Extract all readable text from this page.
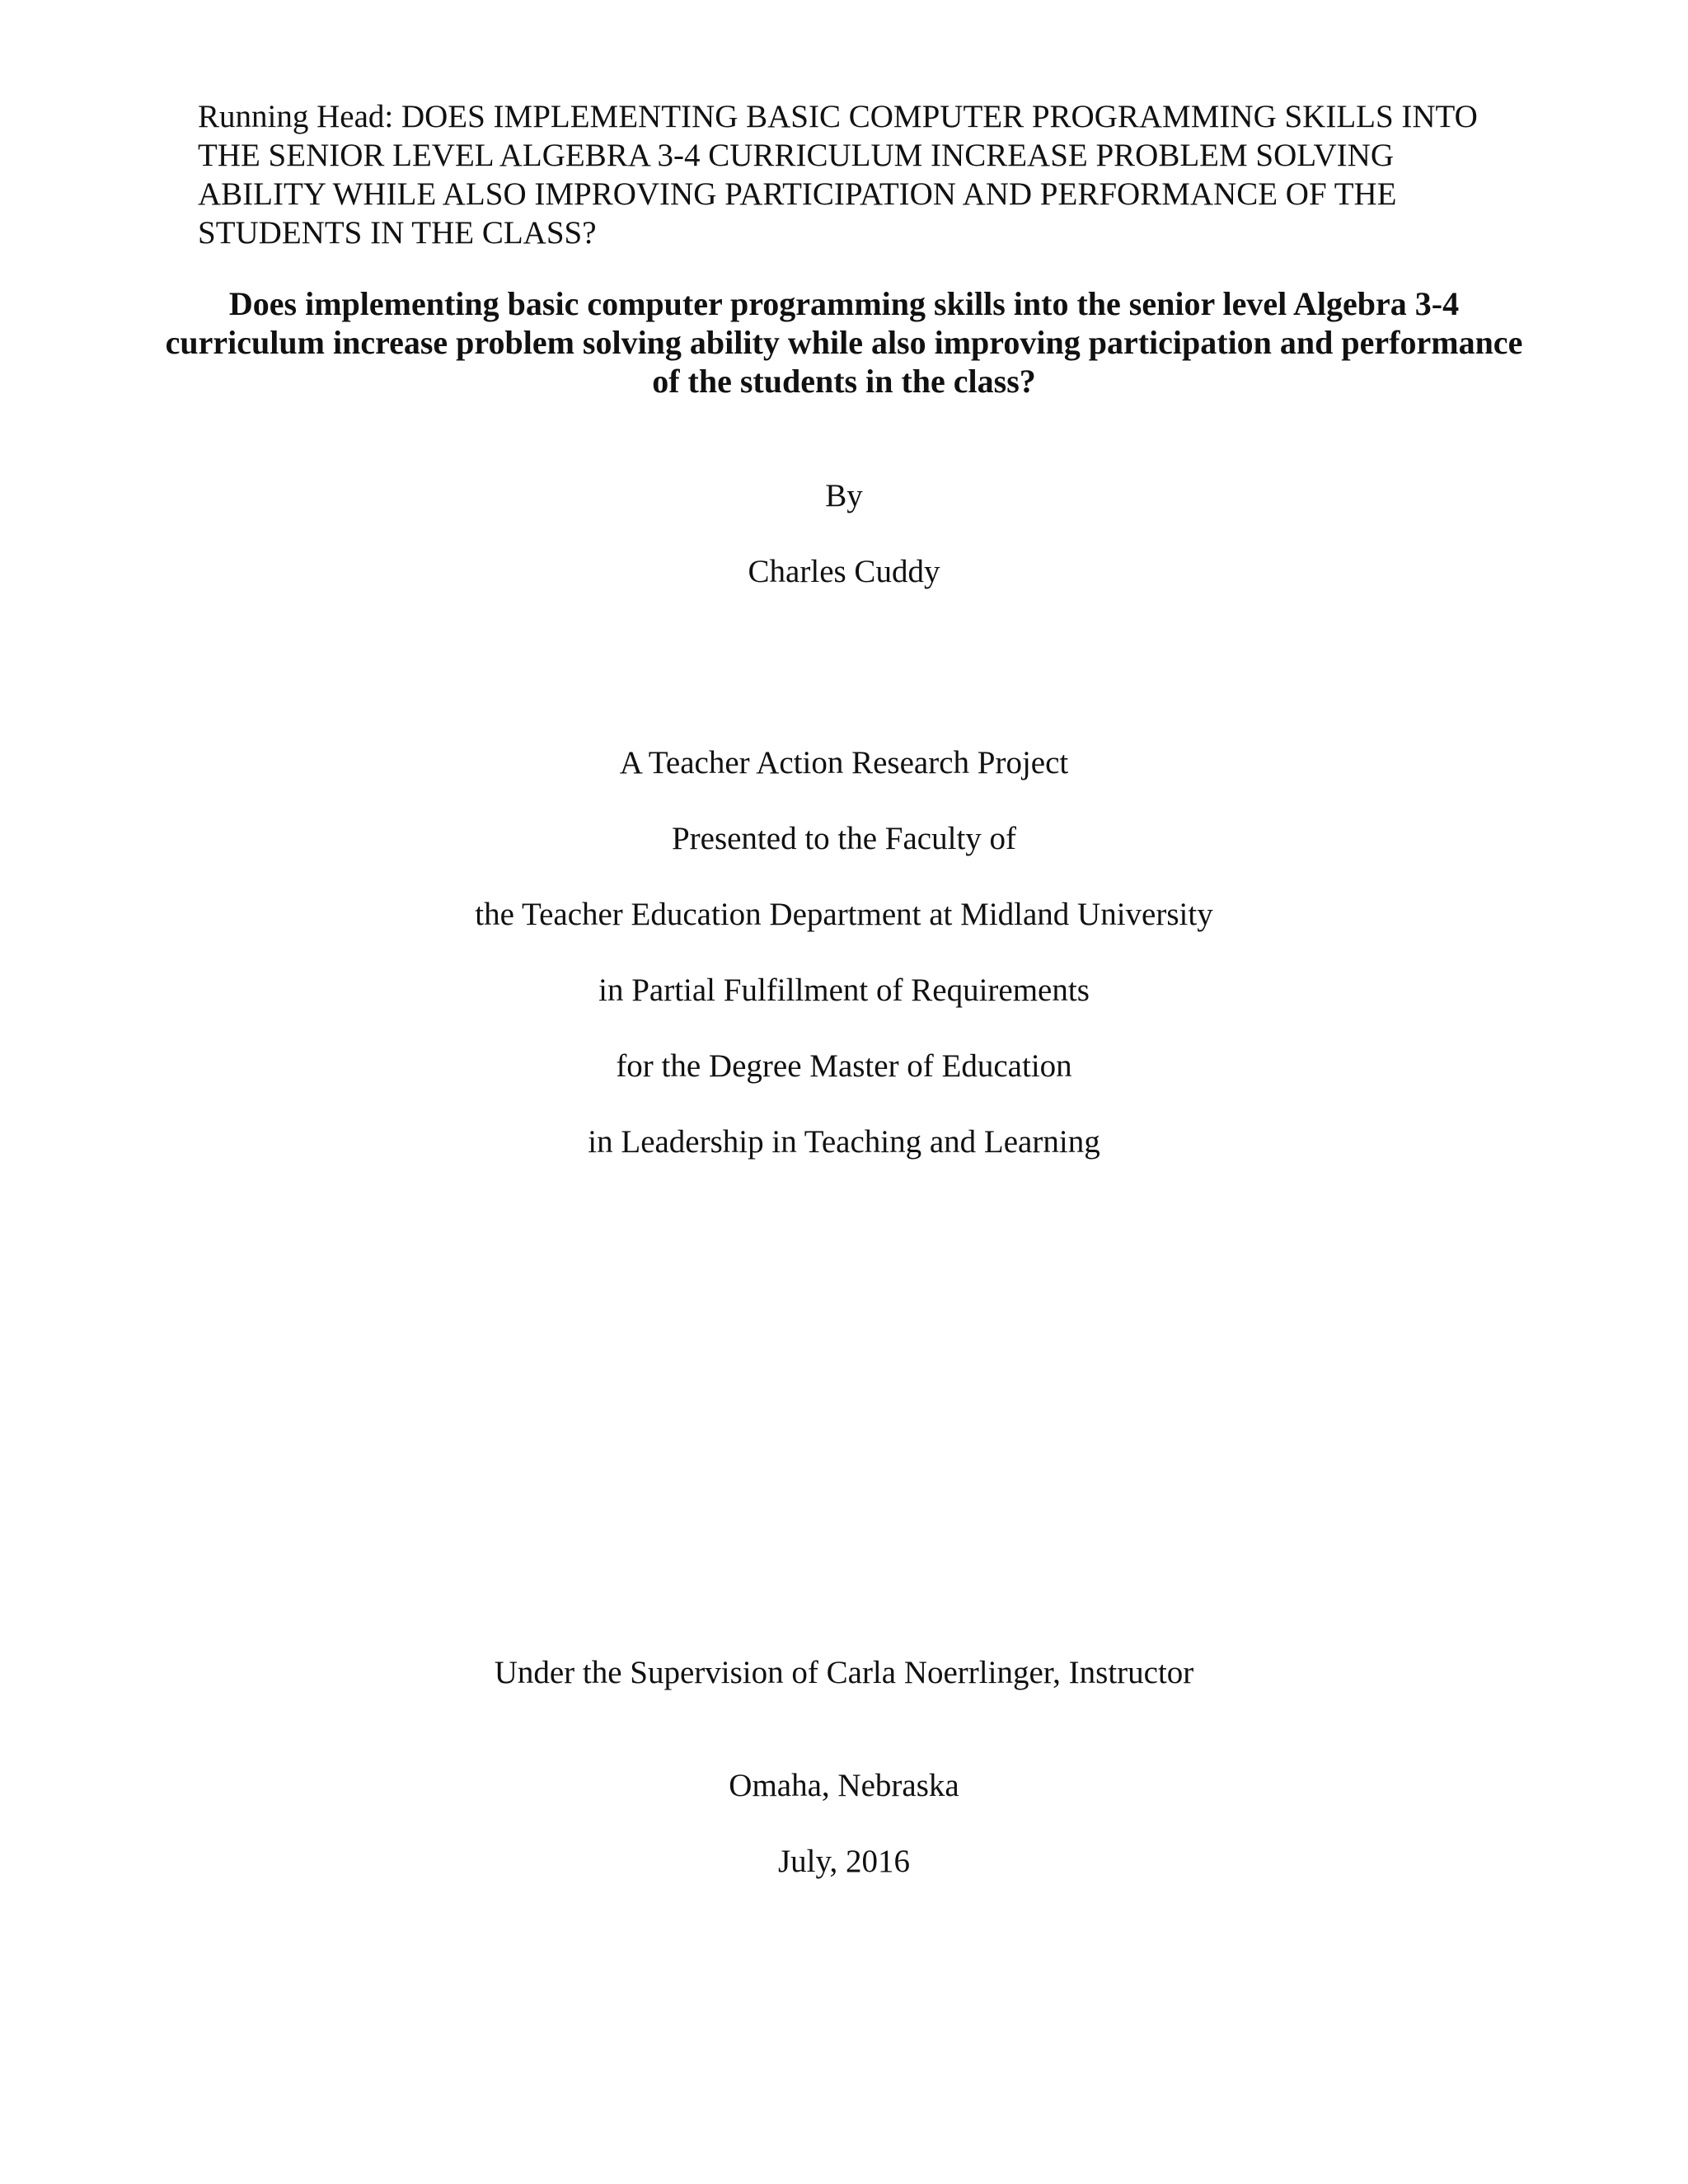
Running Head: DOES IMPLEMENTING BASIC COMPUTER PROGRAMMING SKILLS INTO THE SENIOR LEVEL ALGEBRA 3-4 CURRICULUM INCREASE PROBLEM SOLVING ABILITY WHILE ALSO IMPROVING PARTICIPATION AND PERFORMANCE OF THE STUDENTS IN THE CLASS?
Does implementing basic computer programming skills into the senior level Algebra 3-4 curriculum increase problem solving ability while also improving participation and performance of the students in the class?
By
Charles Cuddy
A Teacher Action Research Project
Presented to the Faculty of
the Teacher Education Department at Midland University
in Partial Fulfillment of Requirements
for the Degree Master of Education
in Leadership in Teaching and Learning
Under the Supervision of Carla Noerrlinger, Instructor
Omaha, Nebraska
July, 2016
